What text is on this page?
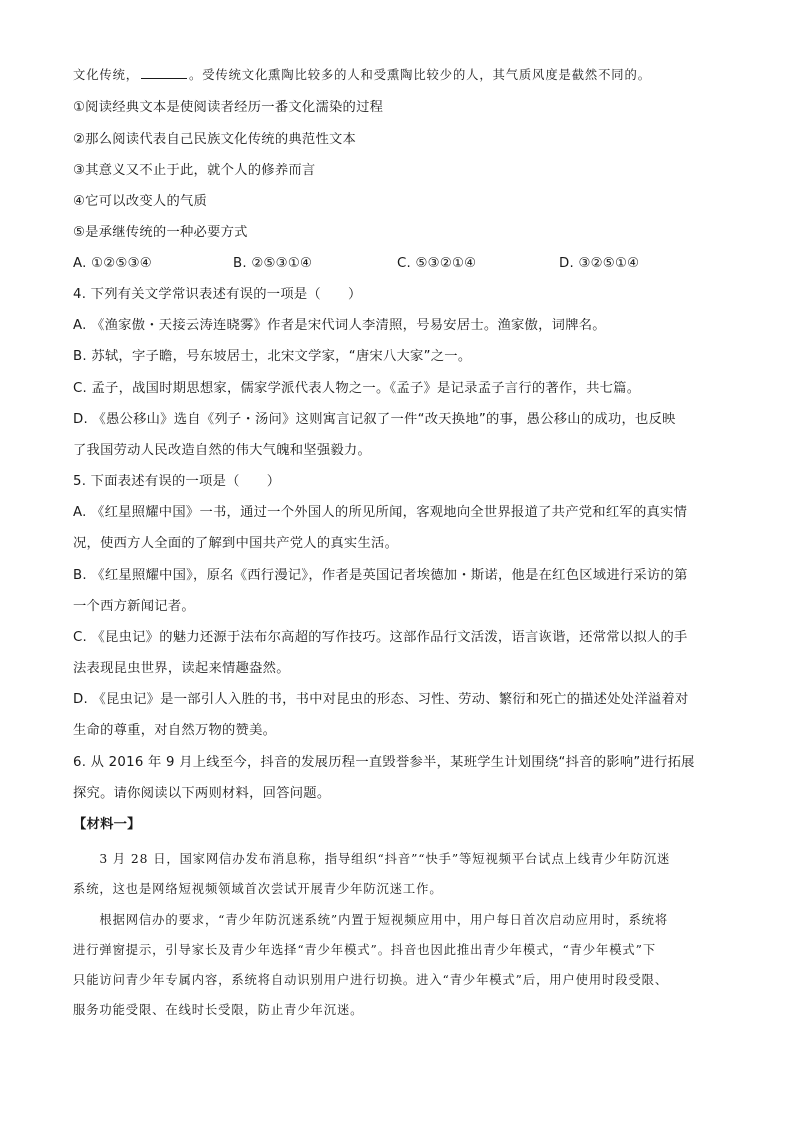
文化传统，	。受传统文化熏陶比较多的人和受熏陶比较少的人，其气质风度是截然不同的。
①阅读经典文本是使阅读者经历一番文化濡染的过程
②那么阅读代表自己民族文化传统的典范性文本
③其意义又不止于此，就个人的修养而言
④它可以改变人的气质
⑤是承继传统的一种必要方式
A. ①②⑤③④	B. ②⑤③①④	C. ⑤③②①④	D. ③②⑤①④
4. 下列有关文学常识表述有误的一项是（　　）
A. 《渔家傲・天接云涛连晓雾》作者是宋代词人李清照，号易安居士。渔家傲，词牌名。
B. 苏轼，字子瞻，号东坡居士，北宋文学家，“唐宋八大家”之一。
C. 孟子，战国时期思想家，儒家学派代表人物之一。《孟子》是记录孟子言行的著作，共七篇。
D. 《愚公移山》选自《列子・汤问》这则寓言记叙了一件“改天换地”的事，愚公移山的成功，也反映
了我国劳动人民改造自然的伟大气魄和坚强毅力。
5. 下面表述有误的一项是（　　）
A. 《红星照耀中国》一书，通过一个外国人的所见所闻，客观地向全世界报道了共产党和红军的真实情
况，使西方人全面的了解到中国共产党人的真实生活。
B. 《红星照耀中国》，原名《西行漫记》，作者是英国记者埃德加・斯诺，他是在红色区域进行采访的第
一个西方新闻记者。
C. 《昆虫记》的魅力还源于法布尔高超的写作技巧。这部作品行文活泼，语言诙谐，还常常以拟人的手
法表现昆虫世界，读起来情趣盎然。
D. 《昆虫记》是一部引人入胜的书，书中对昆虫的形态、习性、劳动、繁衍和死亡的描述处处洋溢着对
生命的尊重，对自然万物的赞美。
6. 从 2016 年 9 月上线至今，抖音的发展历程一直毁誉参半，某班学生计划围绕“抖音的影响”进行拓展
探究。请你阅读以下两则材料，回答问题。
【材料一】
　　3 月 28 日，国家网信办发布消息称，指导组织“抖音”“快手”等短视频平台试点上线青少年防沉迷
系统，这也是网络短视频领域首次尝试开展青少年防沉迷工作。
　　根据网信办的要求，“青少年防沉迷系统”内置于短视频应用中，用户每日首次启动应用时，系统将
进行弹窗提示，引导家长及青少年选择“青少年模式”。抖音也因此推出青少年模式，“青少年模式”下
只能访问青少年专属内容，系统将自动识别用户进行切换。进入“青少年模式”后，用户使用时段受限、
服务功能受限、在线时长受限，防止青少年沉迷。
